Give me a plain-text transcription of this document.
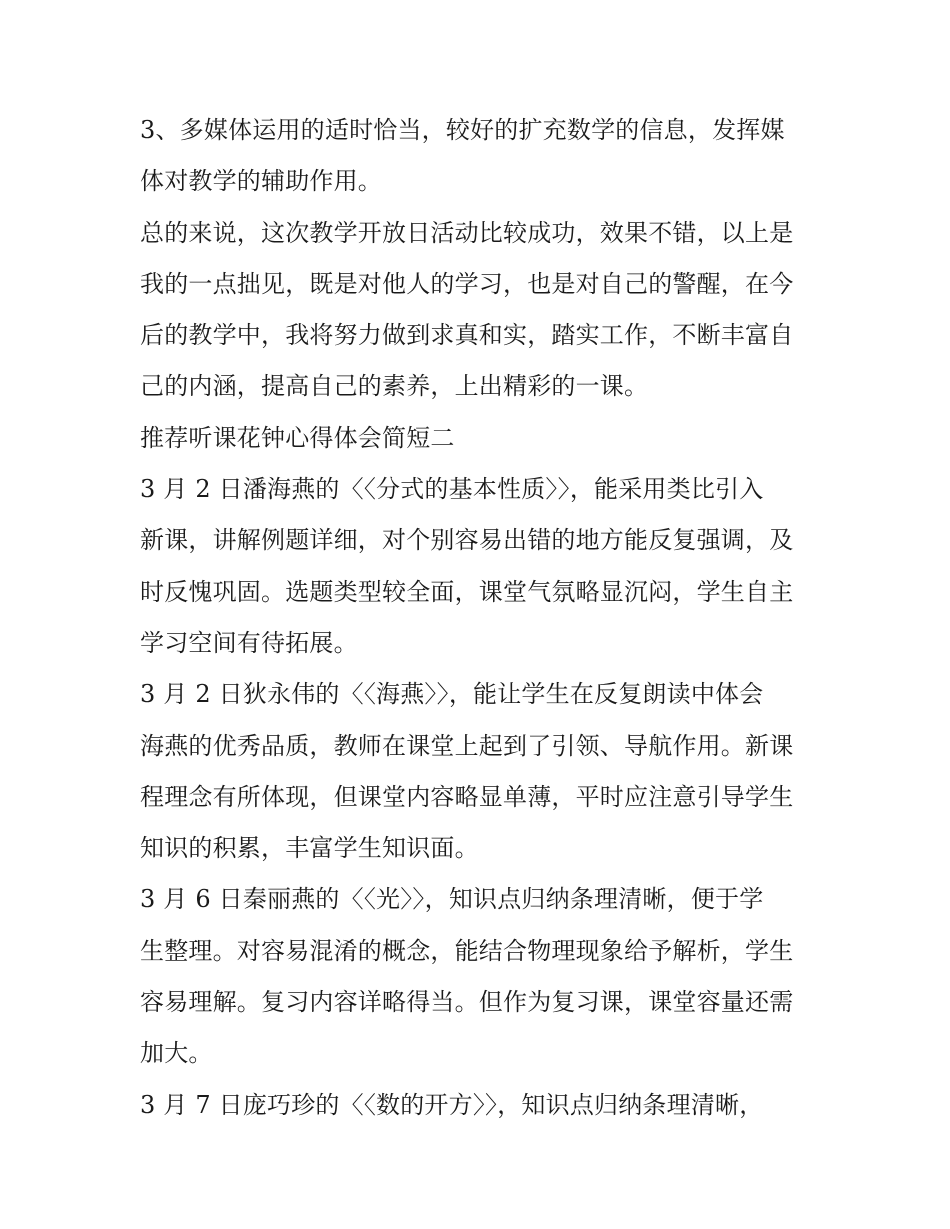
3、多媒体运用的适时恰当，较好的扩充数学的信息，发挥媒
体对教学的辅助作用。
总的来说，这次教学开放日活动比较成功，效果不错，以上是
我的一点拙见，既是对他人的学习，也是对自己的警醒，在今
后的教学中，我将努力做到求真和实，踏实工作，不断丰富自
己的内涵，提高自己的素养，上出精彩的一课。
推荐听课花钟心得体会简短二
3 月 2 日潘海燕的〈〈分式的基本性质〉〉，能采用类比引入
新课，讲解例题详细，对个别容易出错的地方能反复强调，及
时反愧巩固。选题类型较全面，课堂气氛略显沉闷，学生自主
学习空间有待拓展。
3 月 2 日狄永伟的〈〈海燕〉〉，能让学生在反复朗读中体会
海燕的优秀品质，教师在课堂上起到了引领、导航作用。新课
程理念有所体现，但课堂内容略显单薄，平时应注意引导学生
知识的积累，丰富学生知识面。
3 月 6 日秦丽燕的〈〈光〉〉，知识点归纳条理清晰，便于学
生整理。对容易混淆的概念，能结合物理现象给予解析，学生
容易理解。复习内容详略得当。但作为复习课，课堂容量还需
加大。
3 月 7 日庞巧珍的〈〈数的开方〉〉，知识点归纳条理清晰，
